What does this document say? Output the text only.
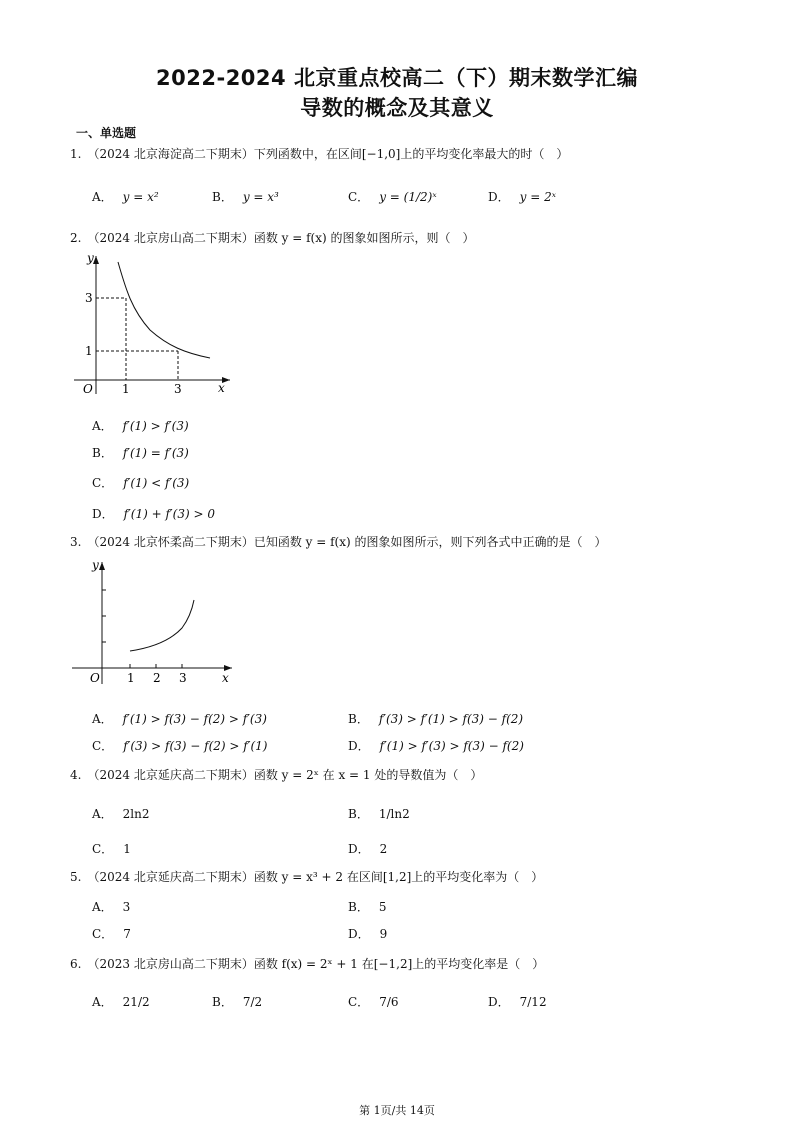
2022-2024 北京重点校高二（下）期末数学汇编
导数的概念及其意义
一、单选题
1.　 （2024 北京海淀高二下期末）下列函数中，在区间[−1,0]上的平均变化率最大的时（　）
A． y = x²	B． y = x³	C． y = (1/2)ˣ	D． y = 2ˣ
2.　 （2024 北京房山高二下期末）函数 y = f(x) 的图象如图所示，则（　）
y
x
O
3
1
1	3
A． f′(1) > f′(3)
B． f′(1) = f′(3)
C． f′(1) < f′(3)
D． f′(1) + f′(3) > 0
3.　 （2024 北京怀柔高二下期末）已知函数 y = f(x) 的图象如图所示，则下列各式中正确的是（　）
y
x
O 1 2 3
A． f′(1) > f(3) − f(2) > f′(3)	B． f′(3) > f′(1) > f(3) − f(2)
C． f′(3) > f(3) − f(2) > f′(1)	D． f′(1) > f′(3) > f(3) − f(2)
4.　 （2024 北京延庆高二下期末）函数 y = 2ˣ 在 x = 1 处的导数值为（　）
A． 2ln2	B． 1/ln2
C． 1	D． 2
5.　 （2024 北京延庆高二下期末）函数 y = x³ + 2 在区间[1,2]上的平均变化率为（　）
A． 3	B． 5
C． 7	D． 9
6.　 （2023 北京房山高二下期末）函数 f(x) = 2ˣ + 1 在[−1,2]上的平均变化率是（　）
A． 21/2	B． 7/2	C． 7/6	D． 7/12
第 1页/共 14页
